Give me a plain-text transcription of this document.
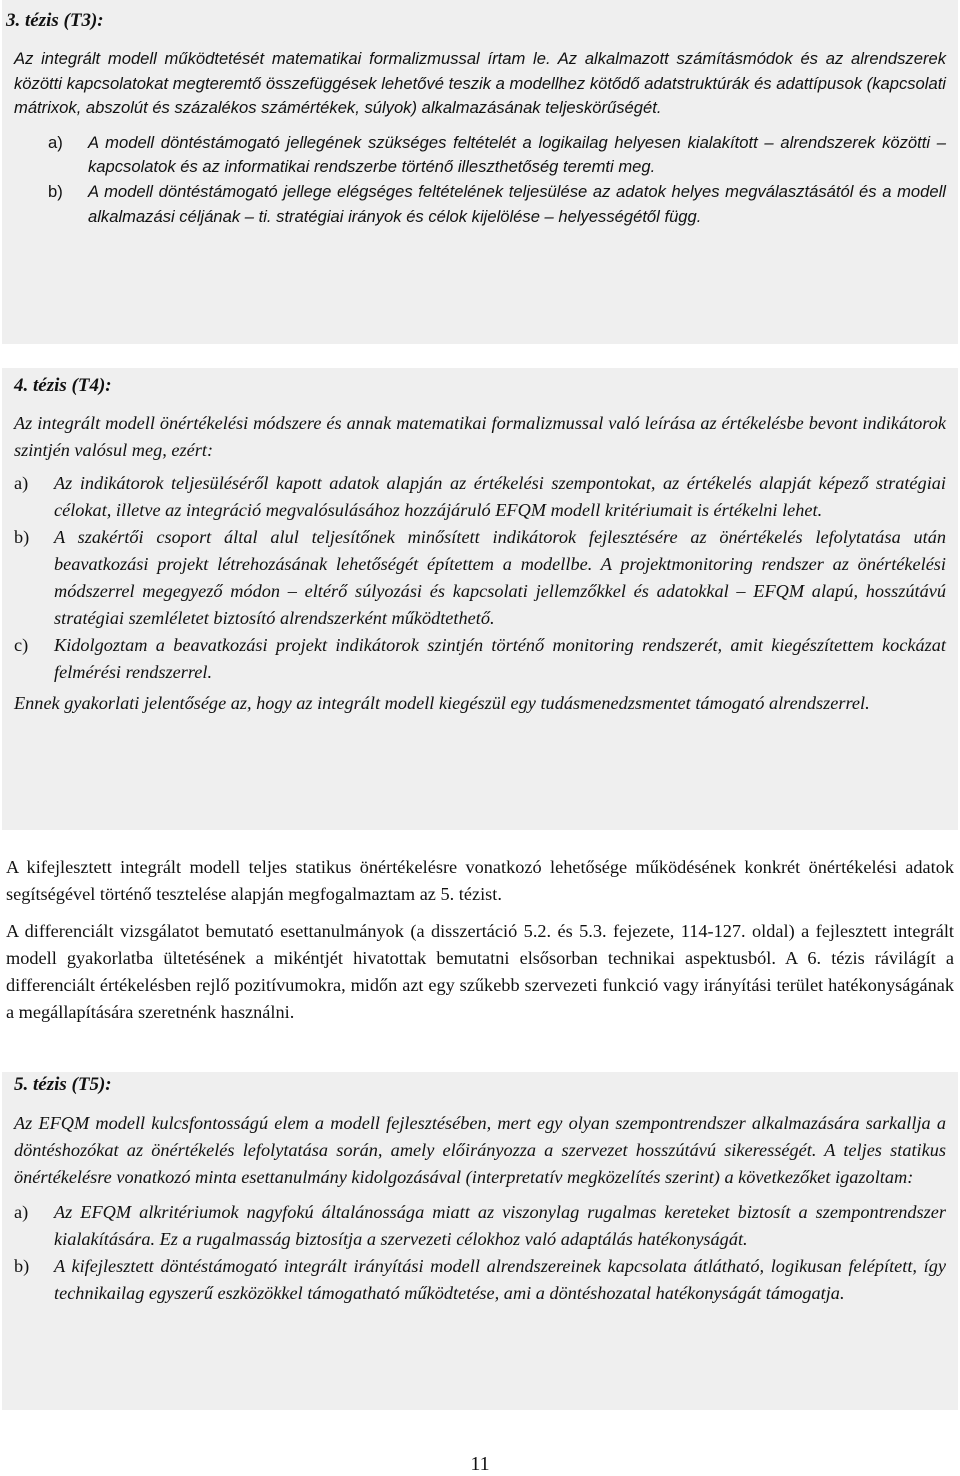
3. tézis (T3):

Az integrált modell működtetését matematikai formalizmussal írtam le. Az alkalmazott számításmódok és az alrendszerek közötti kapcsolatokat megteremtő összefüggések lehetővé teszik a modellhez kötődő adatstruktúrák és adattípusok (kapcsolati mátrixok, abszolút és százalékos számértékek, súlyok) alkalmazásának teljeskörűségét.

a)	A modell döntéstámogató jellegének szükséges feltételét a logikailag helyesen kialakított – alrendszerek közötti – kapcsolatok és az informatikai rendszerbe történő illeszthetőség teremti meg.
b)	A modell döntéstámogató jellege elégséges feltételének teljesülése az adatok helyes megválasztásától és a modell alkalmazási céljának – ti. stratégiai irányok és célok kijelölése – helyességétől függ.

4. tézis (T4):

Az integrált modell önértékelési módszere és annak matematikai formalizmussal való leírása az értékelésbe bevont indikátorok szintjén valósul meg, ezért:

a)	Az indikátorok teljesüléséről kapott adatok alapján az értékelési szempontokat, az értékelés alapját képező stratégiai célokat, illetve az integráció megvalósulásához hozzájáruló EFQM modell kritériumait is értékelni lehet.
b)	A szakértői csoport által alul teljesítőnek minősített indikátorok fejlesztésére az önértékelés lefolytatása után beavatkozási projekt létrehozásának lehetőségét építettem a modellbe. A projektmonitoring rendszer az önértékelési módszerrel megegyező módon – eltérő súlyozási és kapcsolati jellemzőkkel és adatokkal – EFQM alapú, hosszútávú stratégiai szemléletet biztosító alrendszerként működtethető.
c)	Kidolgoztam a beavatkozási projekt indikátorok szintjén történő monitoring rendszerét, amit kiegészítettem kockázat felmérési rendszerrel.

Ennek gyakorlati jelentősége az, hogy az integrált modell kiegészül egy tudásmenedzsmentet támogató alrendszerrel.

A kifejlesztett integrált modell teljes statikus önértékelésre vonatkozó lehetősége működésének konkrét önértékelési adatok segítségével történő tesztelése alapján megfogalmaztam az 5. tézist.

A differenciált vizsgálatot bemutató esettanulmányok (a disszertáció 5.2. és 5.3. fejezete, 114-127. oldal) a fejlesztett integrált modell gyakorlatba ültetésének a mikéntjét hivatottak bemutatni elsősorban technikai aspektusból. A 6. tézis rávilágít a differenciált értékelésben rejlő pozitívumokra, midőn azt egy szűkebb szervezeti funkció vagy irányítási terület hatékonyságának a megállapítására szeretnénk használni.

5. tézis (T5):

Az EFQM modell kulcsfontosságú elem a modell fejlesztésében, mert egy olyan szempontrendszer alkalmazására sarkallja a döntéshozókat az önértékelés lefolytatása során, amely előirányozza a szervezet hosszútávú sikerességét. A teljes statikus önértékelésre vonatkozó minta esettanulmány kidolgozásával (interpretatív megközelítés szerint) a következőket igazoltam:

a)	Az EFQM alkritériumok nagyfokú általánossága miatt az viszonylag rugalmas kereteket biztosít a szempontrendszer kialakítására. Ez a rugalmasság biztosítja a szervezeti célokhoz való adaptálás hatékonyságát.
b)	A kifejlesztett döntéstámogató integrált irányítási modell alrendszereinek kapcsolata átlátható, logikusan felépített, így technikailag egyszerű eszközökkel támogatható működtetése, ami a döntéshozatal hatékonyságát támogatja.
11
